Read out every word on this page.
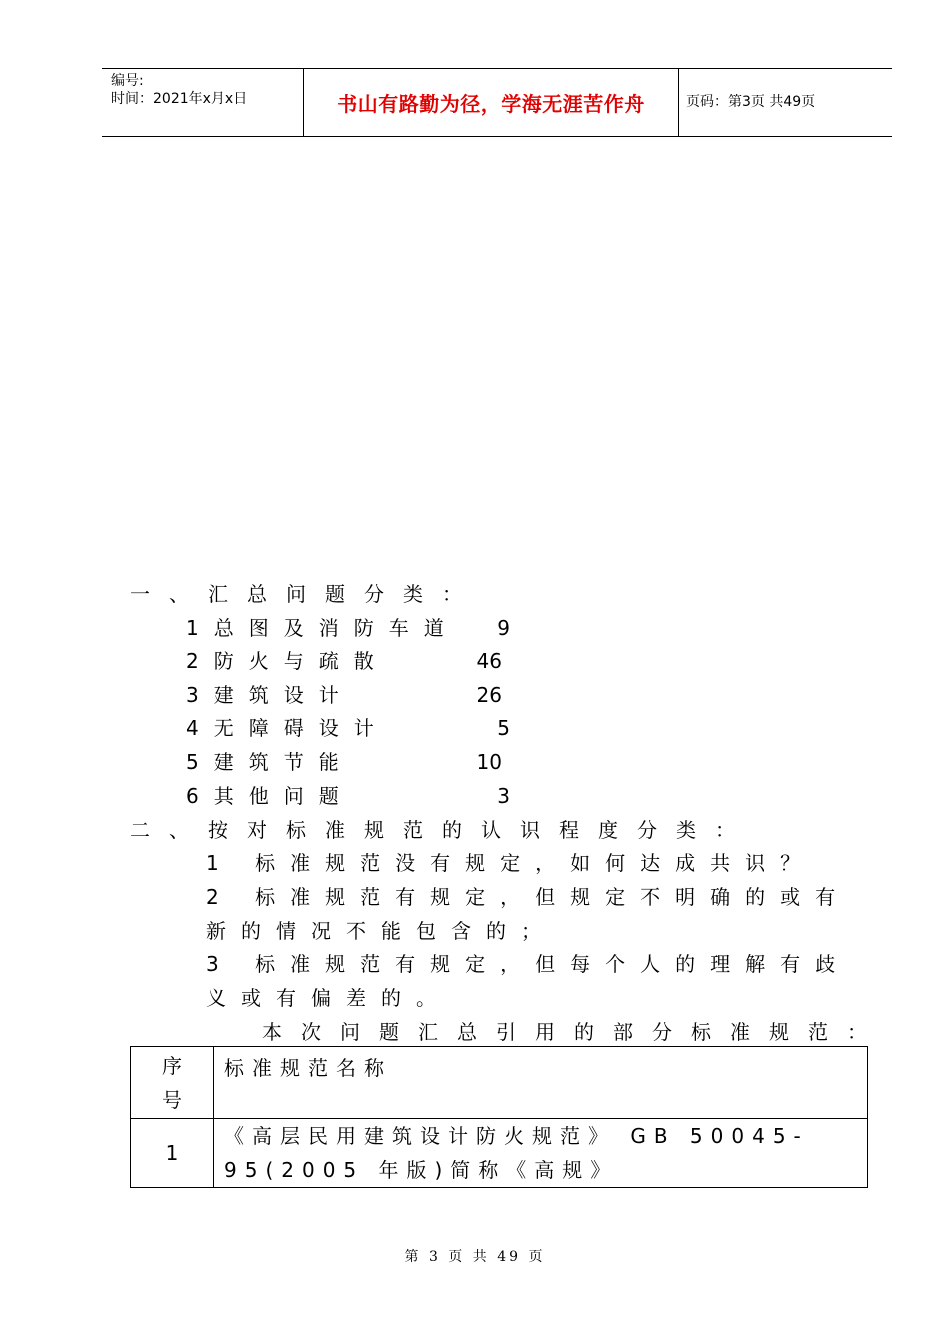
编号:
时间：2021年x月x日	书山有路勤为径，学海无涯苦作舟	页码：第3页 共49页
一、汇总问题分类：
1总图及消防车道	9
2防火与疏散	46
3建筑设计	26
4无障碍设计	5
5建筑节能	10
6其他问题	3
二、按对标准规范的认识程度分类：
1 标准规范没有规定，如何达成共识？
2 标准规范有规定，但规定不明确的或有
新的情况不能包含的；
3 标准规范有规定，但每个人的理解有歧
义或有偏差的。
本次问题汇总引用的部分标准规范：
序号	标准规范名称
1	《高层民用建筑设计防火规范》 GB 50045-95(2005 年版)简称《高规》
第 3 页 共 49 页
